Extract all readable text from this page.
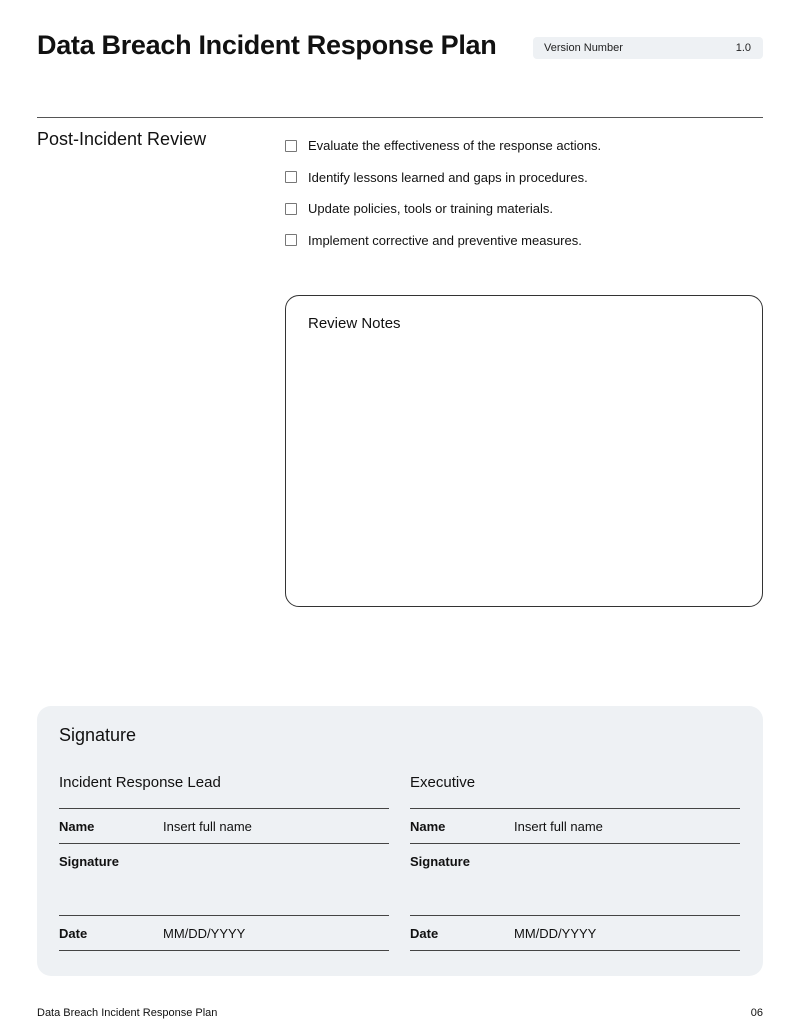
Data Breach Incident Response Plan	Version Number	1.0
Post-Incident Review	Evaluate the effectiveness of the response actions.
Identify lessons learned and gaps in procedures.
Update policies, tools or training materials.
Implement corrective and preventive measures.
Review Notes
Signature
Incident Response Lead
Name	Insert full name
Signature
Date	MM/DD/YYYY
Executive
Name	Insert full name
Signature
Date	MM/DD/YYYY
Data Breach Incident Response Plan	06
